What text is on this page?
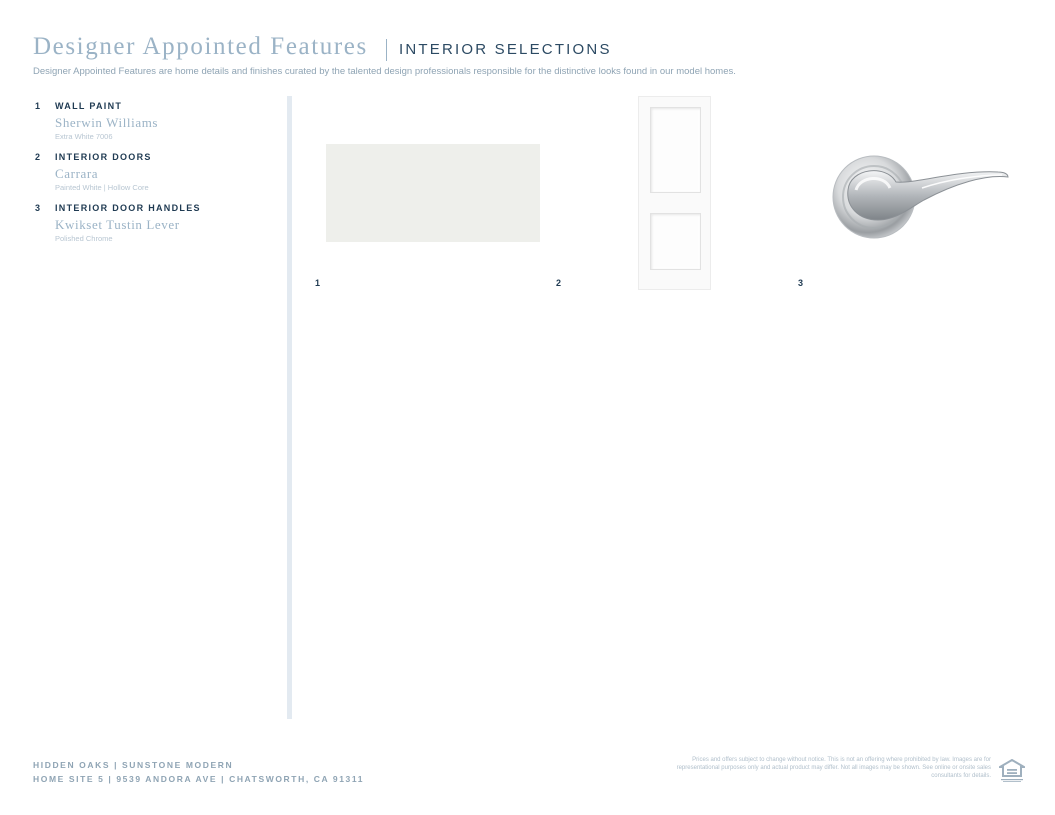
Designer Appointed Features INTERIOR SELECTIONS
Designer Appointed Features are home details and finishes curated by the talented design professionals responsible for the distinctive looks found in our model homes.
1 WALL PAINT
Sherwin Williams
Extra White 7006
2 INTERIOR DOORS
Carrara
Painted White | Hollow Core
3 INTERIOR DOOR HANDLES
Kwikset Tustin Lever
Polished Chrome
1	2	3
HIDDEN OAKS | SUNSTONE MODERN
HOME SITE 5 | 9539 ANDORA AVE | CHATSWORTH, CA 91311
Prices and offers subject to change without notice. This is not an offering where prohibited by law. Images are for representational purposes only and actual product may differ. Not all images may be shown. See online or onsite sales consultants for details.
